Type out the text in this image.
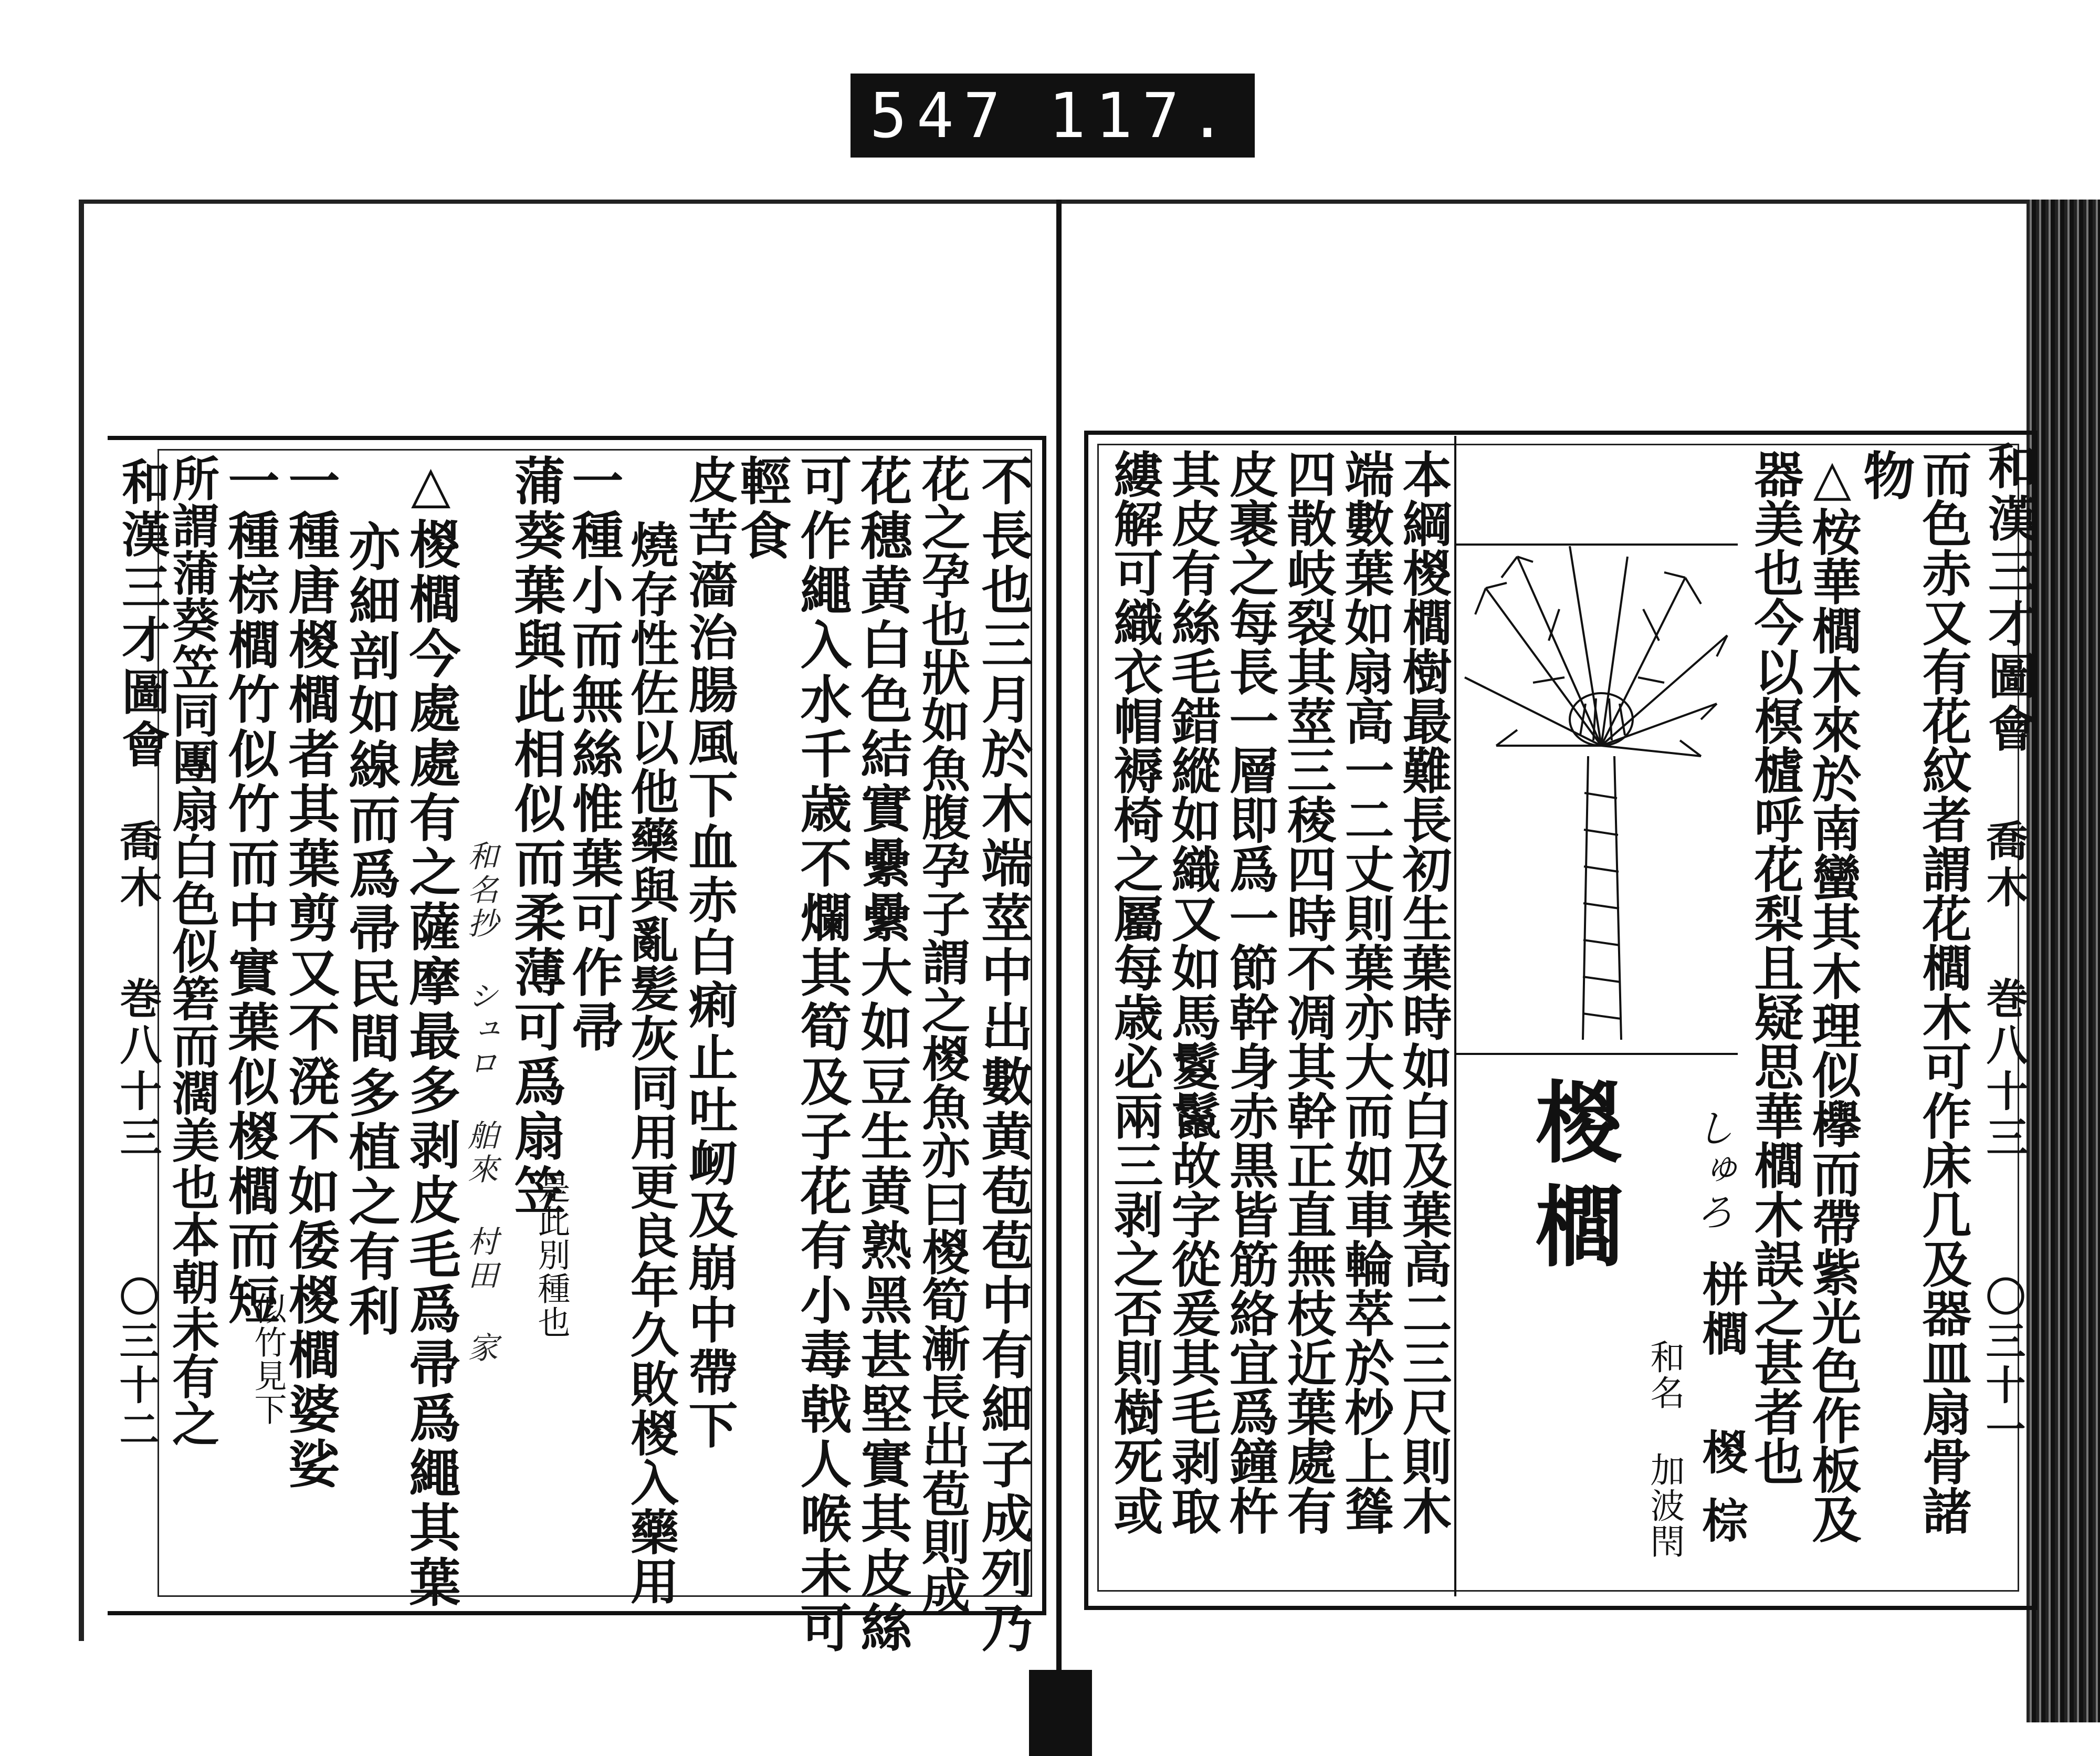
547 117.
和漢三才圖會
喬木
巻八十三
〇三十二	不長也三月於木端莖中出數黄苞苞中有細子成列乃
花之孕也狀如魚腹孕子謂之椶魚亦曰椶筍漸長出苞則成
花穗黄白色結實纍纍大如豆生黄熟黑甚堅實其皮絲
可作繩入水千歳不爛其筍及子花有小毒戟人喉未可
輕食
皮苦濇治腸風下血赤白痢止吐衂及崩中帶下
燒存性佐以他藥與亂髪灰同用更良年久敗椶入藥用
一種小而無絲惟葉可作帚
蒲葵葉與此相似而柔薄可爲扇笠
是此別種也
和名抄 シュロ 舶來 村田 家
△椶櫚今處處有之薩摩最多剥皮毛爲帚爲繩其葉
亦細剖如線而爲帚民間多植之有利
一種唐椶櫚者其葉剪又不溌不如倭椶櫚婆娑
一種棕櫚竹似竹而中實葉似椶櫚而短
似竹見下
所謂蒲葵笠同團扇白色似箬而濶美也本朝未有之	和漢三才圖會
喬木
巻八十三
〇三十一
而色赤又有花紋者謂花櫚木可作床几及器皿扇骨諸
物
△桉華櫚木來於南蠻其木理似欅而帶紫光色作板及
器美也今以榠樝呼花梨且疑思華櫚木誤之甚者也
椶櫚 しゅろ
栟櫚
椶
棕
和名 加波閇
本綱椶櫚樹最難長初生葉時如白及葉高二三尺則木
端數葉如扇高一二丈則葉亦大而如車輪萃於杪上聳
四散岐裂其莖三稜四時不凋其幹正直無枝近葉處有
皮裹之每長一層即爲一節幹身赤黒皆筋絡宜爲鐘杵
其皮有絲毛錯縱如織又如馬鬉鬣故字從爰其毛剥取
縷解可織衣帽褥椅之屬每歳必兩三剥之否則樹死或
